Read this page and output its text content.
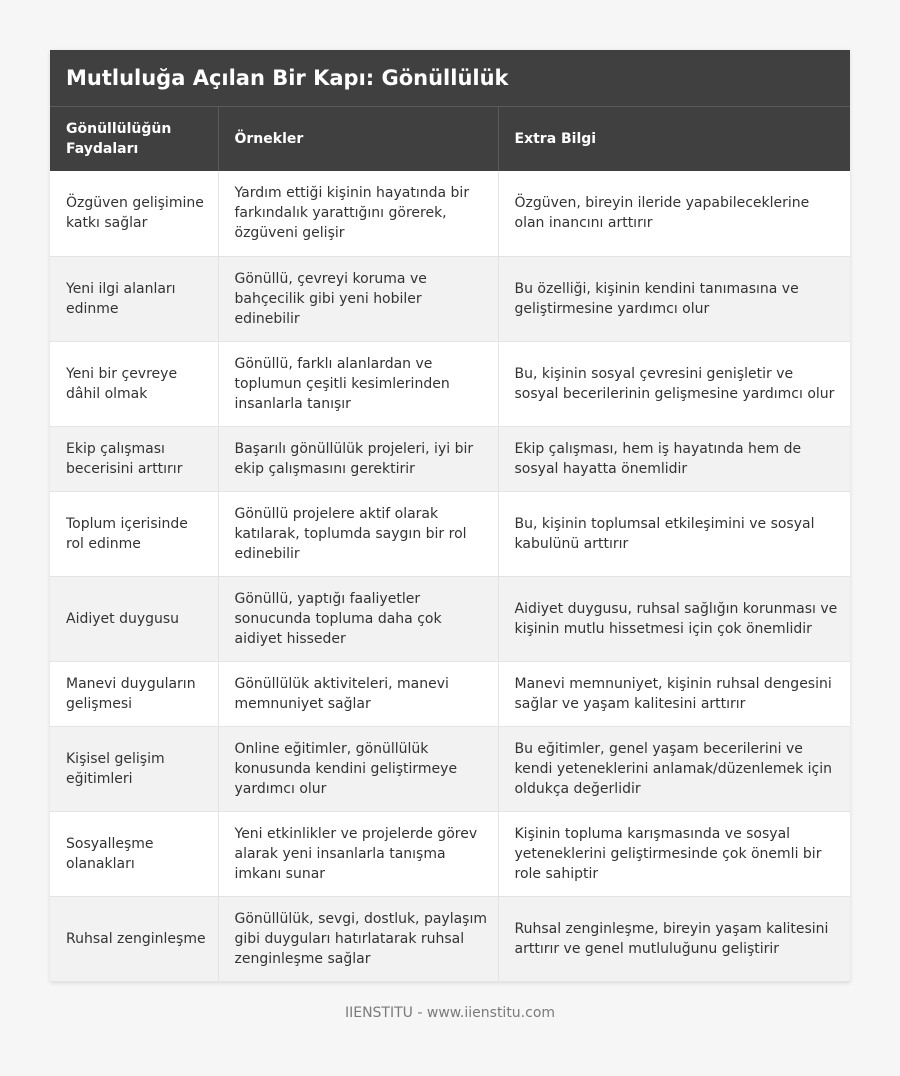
Mutluluğa Açılan Bir Kapı: Gönüllülük
Gönüllülüğün Faydaları	Örnekler	Extra Bilgi
Özgüven gelişimine katkı sağlar	Yardım ettiği kişinin hayatında bir farkındalık yarattığını görerek, özgüveni gelişir	Özgüven, bireyin ileride yapabileceklerine olan inancını arttırır
Yeni ilgi alanları edinme	Gönüllü, çevreyi koruma ve bahçecilik gibi yeni hobiler edinebilir	Bu özelliği, kişinin kendini tanımasına ve geliştirmesine yardımcı olur
Yeni bir çevreye dâhil olmak	Gönüllü, farklı alanlardan ve toplumun çeşitli kesimlerinden insanlarla tanışır	Bu, kişinin sosyal çevresini genişletir ve sosyal becerilerinin gelişmesine yardımcı olur
Ekip çalışması becerisini arttırır	Başarılı gönüllülük projeleri, iyi bir ekip çalışmasını gerektirir	Ekip çalışması, hem iş hayatında hem de sosyal hayatta önemlidir
Toplum içerisinde rol edinme	Gönüllü projelere aktif olarak katılarak, toplumda saygın bir rol edinebilir	Bu, kişinin toplumsal etkileşimini ve sosyal kabulünü arttırır
Aidiyet duygusu	Gönüllü, yaptığı faaliyetler sonucunda topluma daha çok aidiyet hisseder	Aidiyet duygusu, ruhsal sağlığın korunması ve kişinin mutlu hissetmesi için çok önemlidir
Manevi duyguların gelişmesi	Gönüllülük aktiviteleri, manevi memnuniyet sağlar	Manevi memnuniyet, kişinin ruhsal dengesini sağlar ve yaşam kalitesini arttırır
Kişisel gelişim eğitimleri	Online eğitimler, gönüllülük konusunda kendini geliştirmeye yardımcı olur	Bu eğitimler, genel yaşam becerilerini ve kendi yeteneklerini anlamak/düzenlemek için oldukça değerlidir
Sosyalleşme olanakları	Yeni etkinlikler ve projelerde görev alarak yeni insanlarla tanışma imkanı sunar	Kişinin topluma karışmasında ve sosyal yeteneklerini geliştirmesinde çok önemli bir role sahiptir
Ruhsal zenginleşme	Gönüllülük, sevgi, dostluk, paylaşım gibi duyguları hatırlatarak ruhsal zenginleşme sağlar	Ruhsal zenginleşme, bireyin yaşam kalitesini arttırır ve genel mutluluğunu geliştirir
IIENSTITU - www.iienstitu.com
